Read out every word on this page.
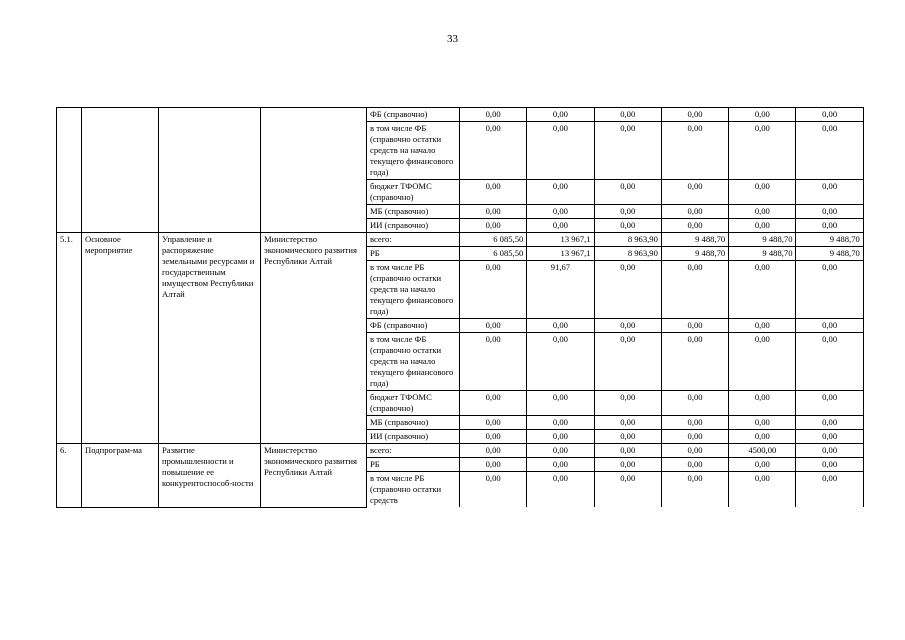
33
				ФБ (справочно)	0,00	0,00	0,00	0,00	0,00	0,00
				в том числе ФБ (справочно остатки средств на начало текущего финансового года)	0,00	0,00	0,00	0,00	0,00	0,00
				бюджет ТФОМС (справочно)	0,00	0,00	0,00	0,00	0,00	0,00
				МБ (справочно)	0,00	0,00	0,00	0,00	0,00	0,00
				ИИ (справочно)	0,00	0,00	0,00	0,00	0,00	0,00
5.1.	Основное мероприятие	Управление и распоряжение земельными ресурсами и государственным имуществом Республики Алтай	Министерство экономического развития Республики Алтай	всего:	6 085,50	13 967,1	8 963,90	9 488,70	9 488,70	9 488,70
				РБ	6 085,50	13 967,1	8 963,90	9 488,70	9 488,70	9 488,70
				в том числе РБ (справочно остатки средств на начало текущего финансового года)	0,00	91,67	0,00	0,00	0,00	0,00
				ФБ (справочно)	0,00	0,00	0,00	0,00	0,00	0,00
				в том числе ФБ (справочно остатки средств на начало текущего финансового года)	0,00	0,00	0,00	0,00	0,00	0,00
				бюджет ТФОМС (справочно)	0,00	0,00	0,00	0,00	0,00	0,00
				МБ (справочно)	0,00	0,00	0,00	0,00	0,00	0,00
				ИИ (справочно)	0,00	0,00	0,00	0,00	0,00	0,00
6.	Подпрограм-ма	Развитие промышленности и повышение ее конкурентоспособ-ности	Министерство экономического развития Республики Алтай	всего:	0,00	0,00	0,00	0,00	4500,00	0,00
				РБ	0,00	0,00	0,00	0,00	0,00	0,00
				в том числе РБ (справочно остатки средств	0,00	0,00	0,00	0,00	0,00	0,00
